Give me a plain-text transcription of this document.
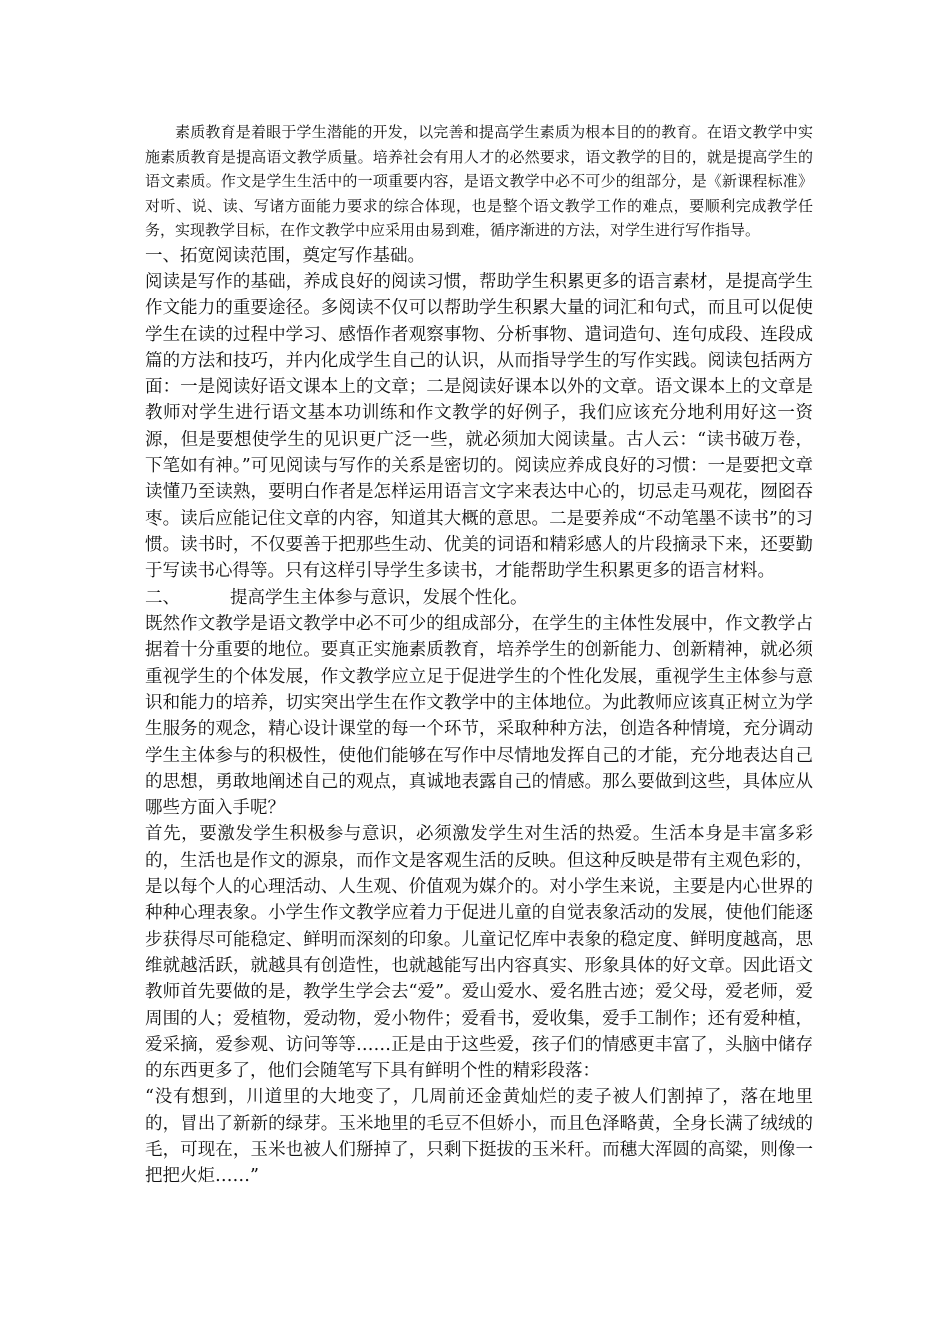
素质教育是着眼于学生潜能的开发，以完善和提高学生素质为根本目的的教育。在语文教学中实施素质教育是提高语文教学质量。培养社会有用人才的必然要求，语文教学的目的，就是提高学生的语文素质。作文是学生生活中的一项重要内容，是语文教学中必不可少的组部分，是《新课程标准》对听、说、读、写诸方面能力要求的综合体现，也是整个语文教学工作的难点，要顺利完成教学任务，实现教学目标，在作文教学中应采用由易到难，循序渐进的方法，对学生进行写作指导。

一、拓宽阅读范围，奠定写作基础。

阅读是写作的基础，养成良好的阅读习惯，帮助学生积累更多的语言素材，是提高学生作文能力的重要途径。多阅读不仅可以帮助学生积累大量的词汇和句式，而且可以促使学生在读的过程中学习、感悟作者观察事物、分析事物、遣词造句、连句成段、连段成篇的方法和技巧，并内化成学生自己的认识，从而指导学生的写作实践。阅读包括两方面：一是阅读好语文课本上的文章；二是阅读好课本以外的文章。语文课本上的文章是教师对学生进行语文基本功训练和作文教学的好例子，我们应该充分地利用好这一资源，但是要想使学生的见识更广泛一些，就必须加大阅读量。古人云：“读书破万卷，下笔如有神。”可见阅读与写作的关系是密切的。阅读应养成良好的习惯：一是要把文章读懂乃至读熟，要明白作者是怎样运用语言文字来表达中心的，切忌走马观花，囫囵吞枣。读后应能记住文章的内容，知道其大概的意思。二是要养成“不动笔墨不读书”的习惯。读书时，不仅要善于把那些生动、优美的词语和精彩感人的片段摘录下来，还要勤于写读书心得等。只有这样引导学生多读书，才能帮助学生积累更多的语言材料。

二、	提高学生主体参与意识，发展个性化。

既然作文教学是语文教学中必不可少的组成部分，在学生的主体性发展中，作文教学占据着十分重要的地位。要真正实施素质教育，培养学生的创新能力、创新精神，就必须重视学生的个体发展，作文教学应立足于促进学生的个性化发展，重视学生主体参与意识和能力的培养，切实突出学生在作文教学中的主体地位。为此教师应该真正树立为学生服务的观念，精心设计课堂的每一个环节，采取种种方法，创造各种情境，充分调动学生主体参与的积极性，使他们能够在写作中尽情地发挥自己的才能，充分地表达自己的思想，勇敢地阐述自己的观点，真诚地表露自己的情感。那么要做到这些，具体应从哪些方面入手呢？

首先，要激发学生积极参与意识，必须激发学生对生活的热爱。生活本身是丰富多彩的，生活也是作文的源泉，而作文是客观生活的反映。但这种反映是带有主观色彩的，是以每个人的心理活动、人生观、价值观为媒介的。对小学生来说，主要是内心世界的种种心理表象。小学生作文教学应着力于促进儿童的自觉表象活动的发展，使他们能逐步获得尽可能稳定、鲜明而深刻的印象。儿童记忆库中表象的稳定度、鲜明度越高，思维就越活跃，就越具有创造性，也就越能写出内容真实、形象具体的好文章。因此语文教师首先要做的是，教学生学会去“爱”。爱山爱水、爱名胜古迹；爱父母，爱老师，爱周围的人；爱植物，爱动物，爱小物件；爱看书，爱收集，爱手工制作；还有爱种植，爱采摘，爱参观、访问等等……正是由于这些爱，孩子们的情感更丰富了，头脑中储存的东西更多了，他们会随笔写下具有鲜明个性的精彩段落：

“没有想到，川道里的大地变了，几周前还金黄灿烂的麦子被人们割掉了，落在地里的，冒出了新新的绿芽。玉米地里的毛豆不但娇小，而且色泽略黄，全身长满了绒绒的毛，可现在，玉米也被人们掰掉了，只剩下挺拔的玉米秆。而穗大浑圆的高粱，则像一把把火炬……”
